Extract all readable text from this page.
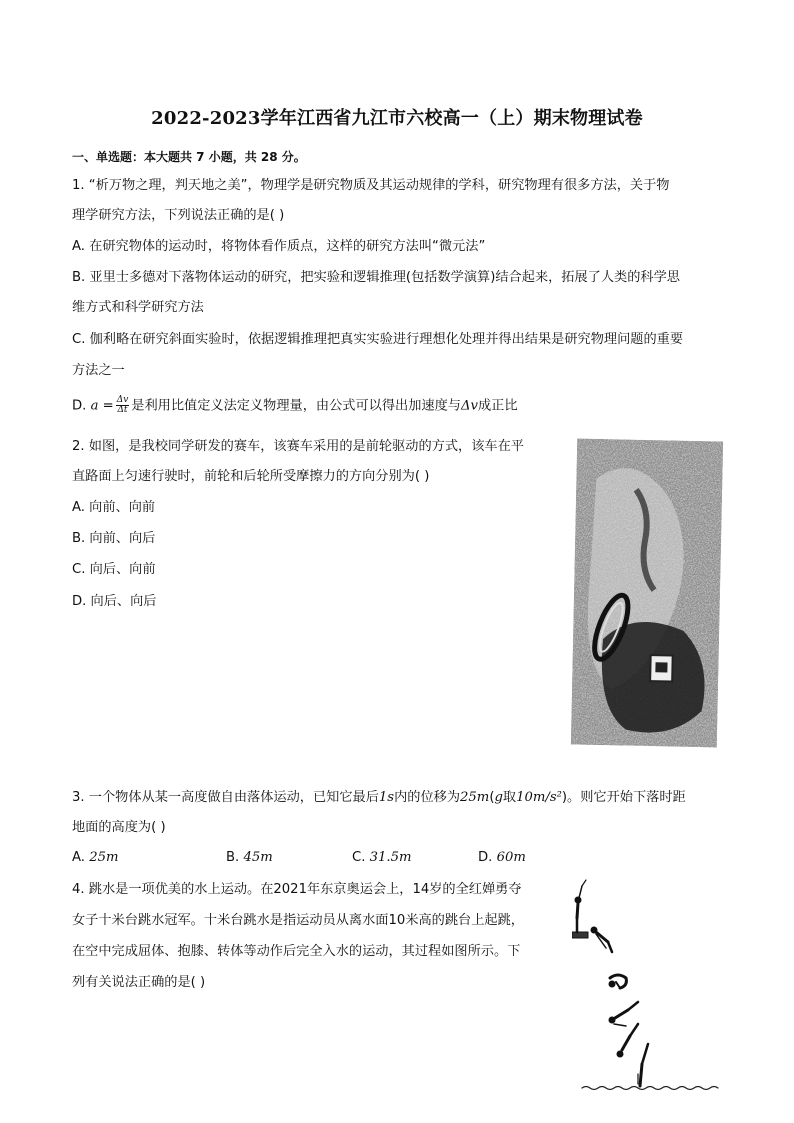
2022-2023学年江西省九江市六校高一（上）期末物理试卷
一、单选题：本大题共 7 小题，共 28 分。
1. “析万物之理，判天地之美”，物理学是研究物质及其运动规律的学科，研究物理有很多方法，关于物
理学研究方法，下列说法正确的是( )
A. 在研究物体的运动时，将物体看作质点，这样的研究方法叫“微元法”
B. 亚里士多德对下落物体运动的研究，把实验和逻辑推理(包括数学演算)结合起来，拓展了人类的科学思
维方式和科学研究方法
C. 伽利略在研究斜面实验时，依据逻辑推理把真实实验进行理想化处理并得出结果是研究物理问题的重要
方法之一
D. $a = \frac{\Delta v}{\Delta t}$ 是利用比值定义法定义物理量，由公式可以得出加速度与Δv成正比
2. 如图，是我校同学研发的赛车，该赛车采用的是前轮驱动的方式，该车在平
直路面上匀速行驶时，前轮和后轮所受摩擦力的方向分别为( )
A. 向前、向前
B. 向前、向后
C. 向后、向前
D. 向后、向后
3. 一个物体从某一高度做自由落体运动，已知它最后1s内的位移为25m(g取10m/s²)。则它开始下落时距
地面的高度为( )
A. 25m	B. 45m	C. 31.5m	D. 60m
4. 跳水是一项优美的水上运动。在2021年东京奥运会上，14岁的全红婵勇夺
女子十米台跳水冠军。十米台跳水是指运动员从离水面10米高的跳台上起跳，
在空中完成屈体、抱膝、转体等动作后完全入水的运动，其过程如图所示。下
列有关说法正确的是( )
